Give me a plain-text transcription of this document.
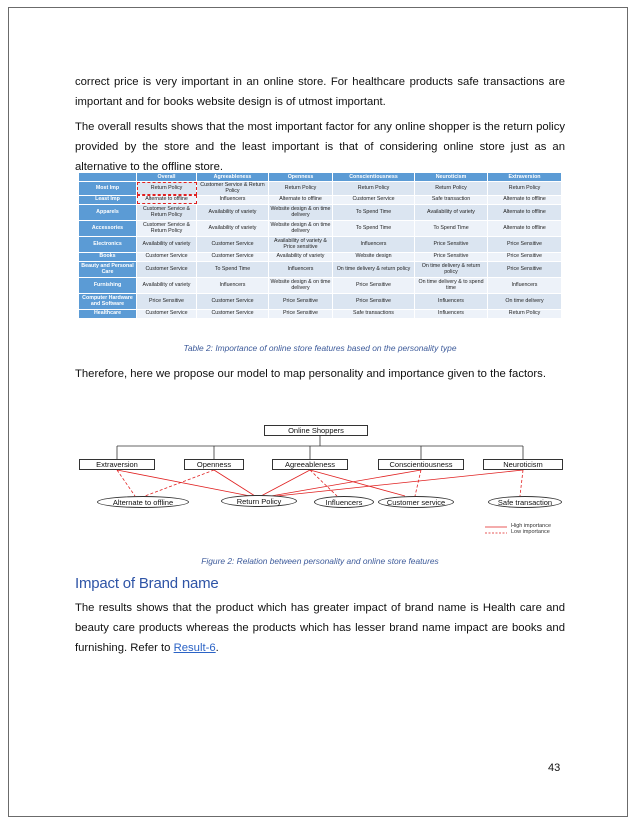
correct price is very important in an online store. For healthcare products safe transactions are important and for books website design is of utmost important.

The overall results shows that the most important factor for any online shopper is the return policy provided by the store and the least important is that of considering online store just as an alternative to the offline store.

	Overall	Agreeableness	Openness	Conscientiousness	Neuroticism	Extraversion
Most Imp	Return Policy	Customer Service & Return Policy	Return Policy	Return Policy	Return Policy	Return Policy
Least Imp	Alternate to offline	Influencers	Alternate to offline	Customer Service	Safe transaction	Alternate to offline
Apparels	Customer Service & Return Policy	Availability of variety	Website design & on time delivery	To Spend Time	Availability of variety	Alternate to offline
Accessories	Customer Service & Return Policy	Availability of variety	Website design & on time delivery	To Spend Time	To Spend Time	Alternate to offline
Electronics	Availability of variety	Customer Service	Availability of variety & Price sensitive	Influencers	Price Sensitive	Price Sensitive
Books	Customer Service	Customer Service	Availability of variety	Website design	Price Sensitive	Price Sensitive
Beauty and Personal Care	Customer Service	To Spend Time	Influencers	On time delivery & return policy	On time delivery & return policy	Price Sensitive
Furnishing	Availability of variety	Influencers	Website design & on time delivery	Price Sensitive	On time delivery & to spend time	Influencers
Computer Hardware and Software	Price Sensitive	Customer Service	Price Sensitive	Price Sensitive	Influencers	On time delivery
Healthcare	Customer Service	Customer Service	Price Sensitive	Safe transactions	Influencers	Return Policy
Table 2: Importance of online store features based on the personality type

Therefore, here we propose our model to map personality and importance given to the factors.

Online Shoppers
Extraversion	Openness	Agreeableness	Conscientiousness	Neuroticism
Alternate to offline	Return Policy	Influencers	Customer service	Safe transaction
High importance
Low importance
Figure 2: Relation between personality and online store features
Impact of Brand name

The results shows that the product which has greater impact of brand name is Health care and beauty care products whereas the products which has lesser brand name impact are books and furnishing. Refer to Result-6.

43
